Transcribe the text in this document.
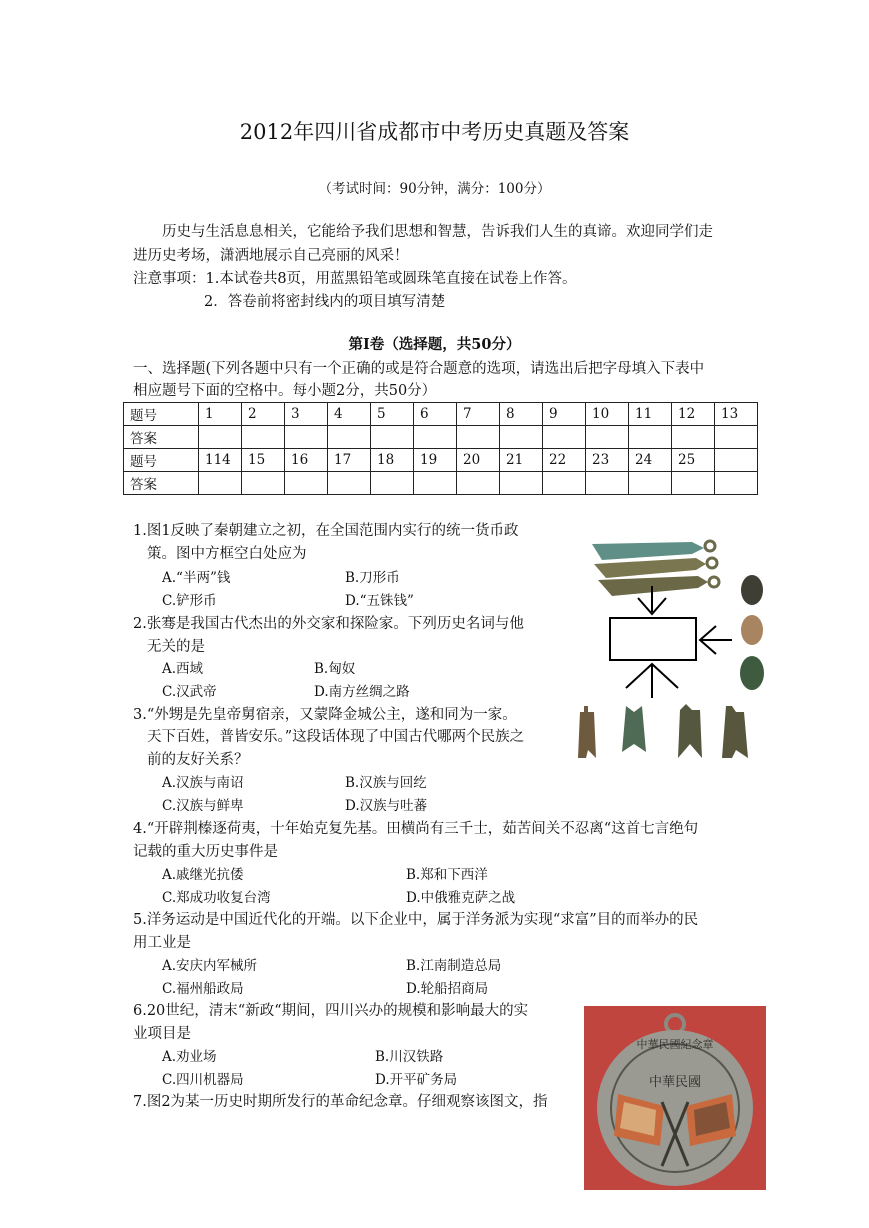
2012年四川省成都市中考历史真题及答案
（考试时间：90分钟，满分：100分）
历史与生活息息相关，它能给予我们思想和智慧，告诉我们人生的真谛。欢迎同学们走
进历史考场，潇洒地展示自己亮丽的风采！
注意事项：1.本试卷共8页，用蓝黑铅笔或圆珠笔直接在试卷上作答。
2．答卷前将密封线内的项目填写清楚
第Ⅰ卷（选择题，共50分）
一、选择题(下列各题中只有一个正确的或是符合题意的选项，请选出后把字母填入下表中
相应题号下面的空格中。每小题2分，共50分）
题号	1	2	3	4	5	6	7	8	9	10	11	12	13
答案													
题号	114	15	16	17	18	19	20	21	22	23	24	25	
答案													
1.图1反映了秦朝建立之初，在全国范围内实行的统一货币政
策。图中方框空白处应为
A.“半两”钱	B.刀形币
C.铲形币	D.“五铢钱”
2.张骞是我国古代杰出的外交家和探险家。下列历史名词与他
无关的是
A.西域	B.匈奴
C.汉武帝	D.南方丝绸之路
3.“外甥是先皇帝舅宿亲，又蒙降金城公主，遂和同为一家。
天下百姓，普皆安乐。”这段话体现了中国古代哪两个民族之
前的友好关系？
A.汉族与南诏	B.汉族与回纥
C.汉族与鲜卑	D.汉族与吐蕃
4.“开辟荆榛逐荷夷，十年始克复先基。田横尚有三千士，茹苦间关不忍离“这首七言绝句
记载的重大历史事件是
A.戚继光抗倭	B.郑和下西洋
C.郑成功收复台湾	D.中俄雅克萨之战
5.洋务运动是中国近代化的开端。以下企业中，属于洋务派为实现“求富”目的而举办的民
用工业是
A.安庆内军械所	B.江南制造总局
C.福州船政局	D.轮船招商局
6.20世纪，清末“新政“期间，四川兴办的规模和影响最大的实
业项目是
A.劝业场	B.川汉铁路
C.四川机器局	D.开平矿务局
7.图2为某一历史时期所发行的革命纪念章。仔细观察该图文，指
中華民國
中華民國紀念章
